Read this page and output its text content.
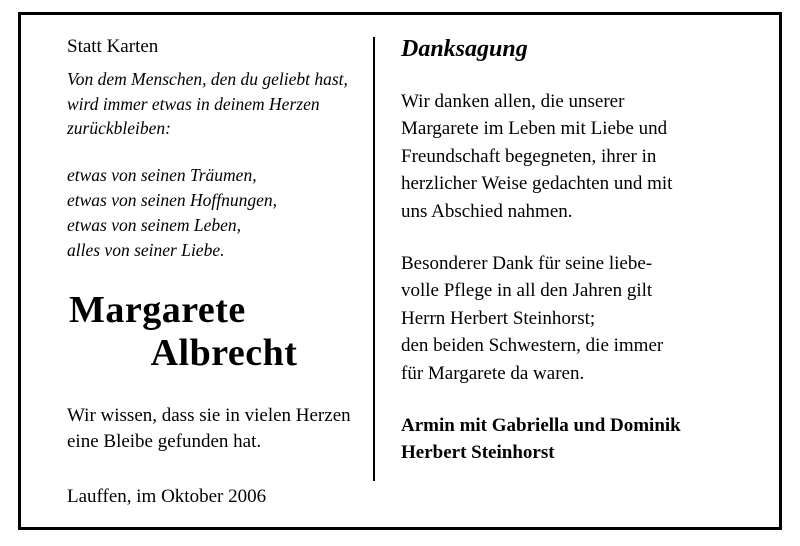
Statt Karten
Von dem Menschen, den du geliebt hast,
wird immer etwas in deinem Herzen
zurückbleiben:
etwas von seinen Träumen,
etwas von seinen Hoffnungen,
etwas von seinem Leben,
alles von seiner Liebe.
Margarete
Albrecht
Wir wissen, dass sie in vielen Herzen
eine Bleibe gefunden hat.
Lauffen, im Oktober 2006
Danksagung
Wir danken allen, die unserer
Margarete im Leben mit Liebe und
Freundschaft begegneten, ihrer in
herzlicher Weise gedachten und mit
uns Abschied nahmen.
Besonderer Dank für seine liebe-
volle Pflege in all den Jahren gilt
Herrn Herbert Steinhorst;
den beiden Schwestern, die immer
für Margarete da waren.
Armin mit Gabriella und Dominik
Herbert Steinhorst
